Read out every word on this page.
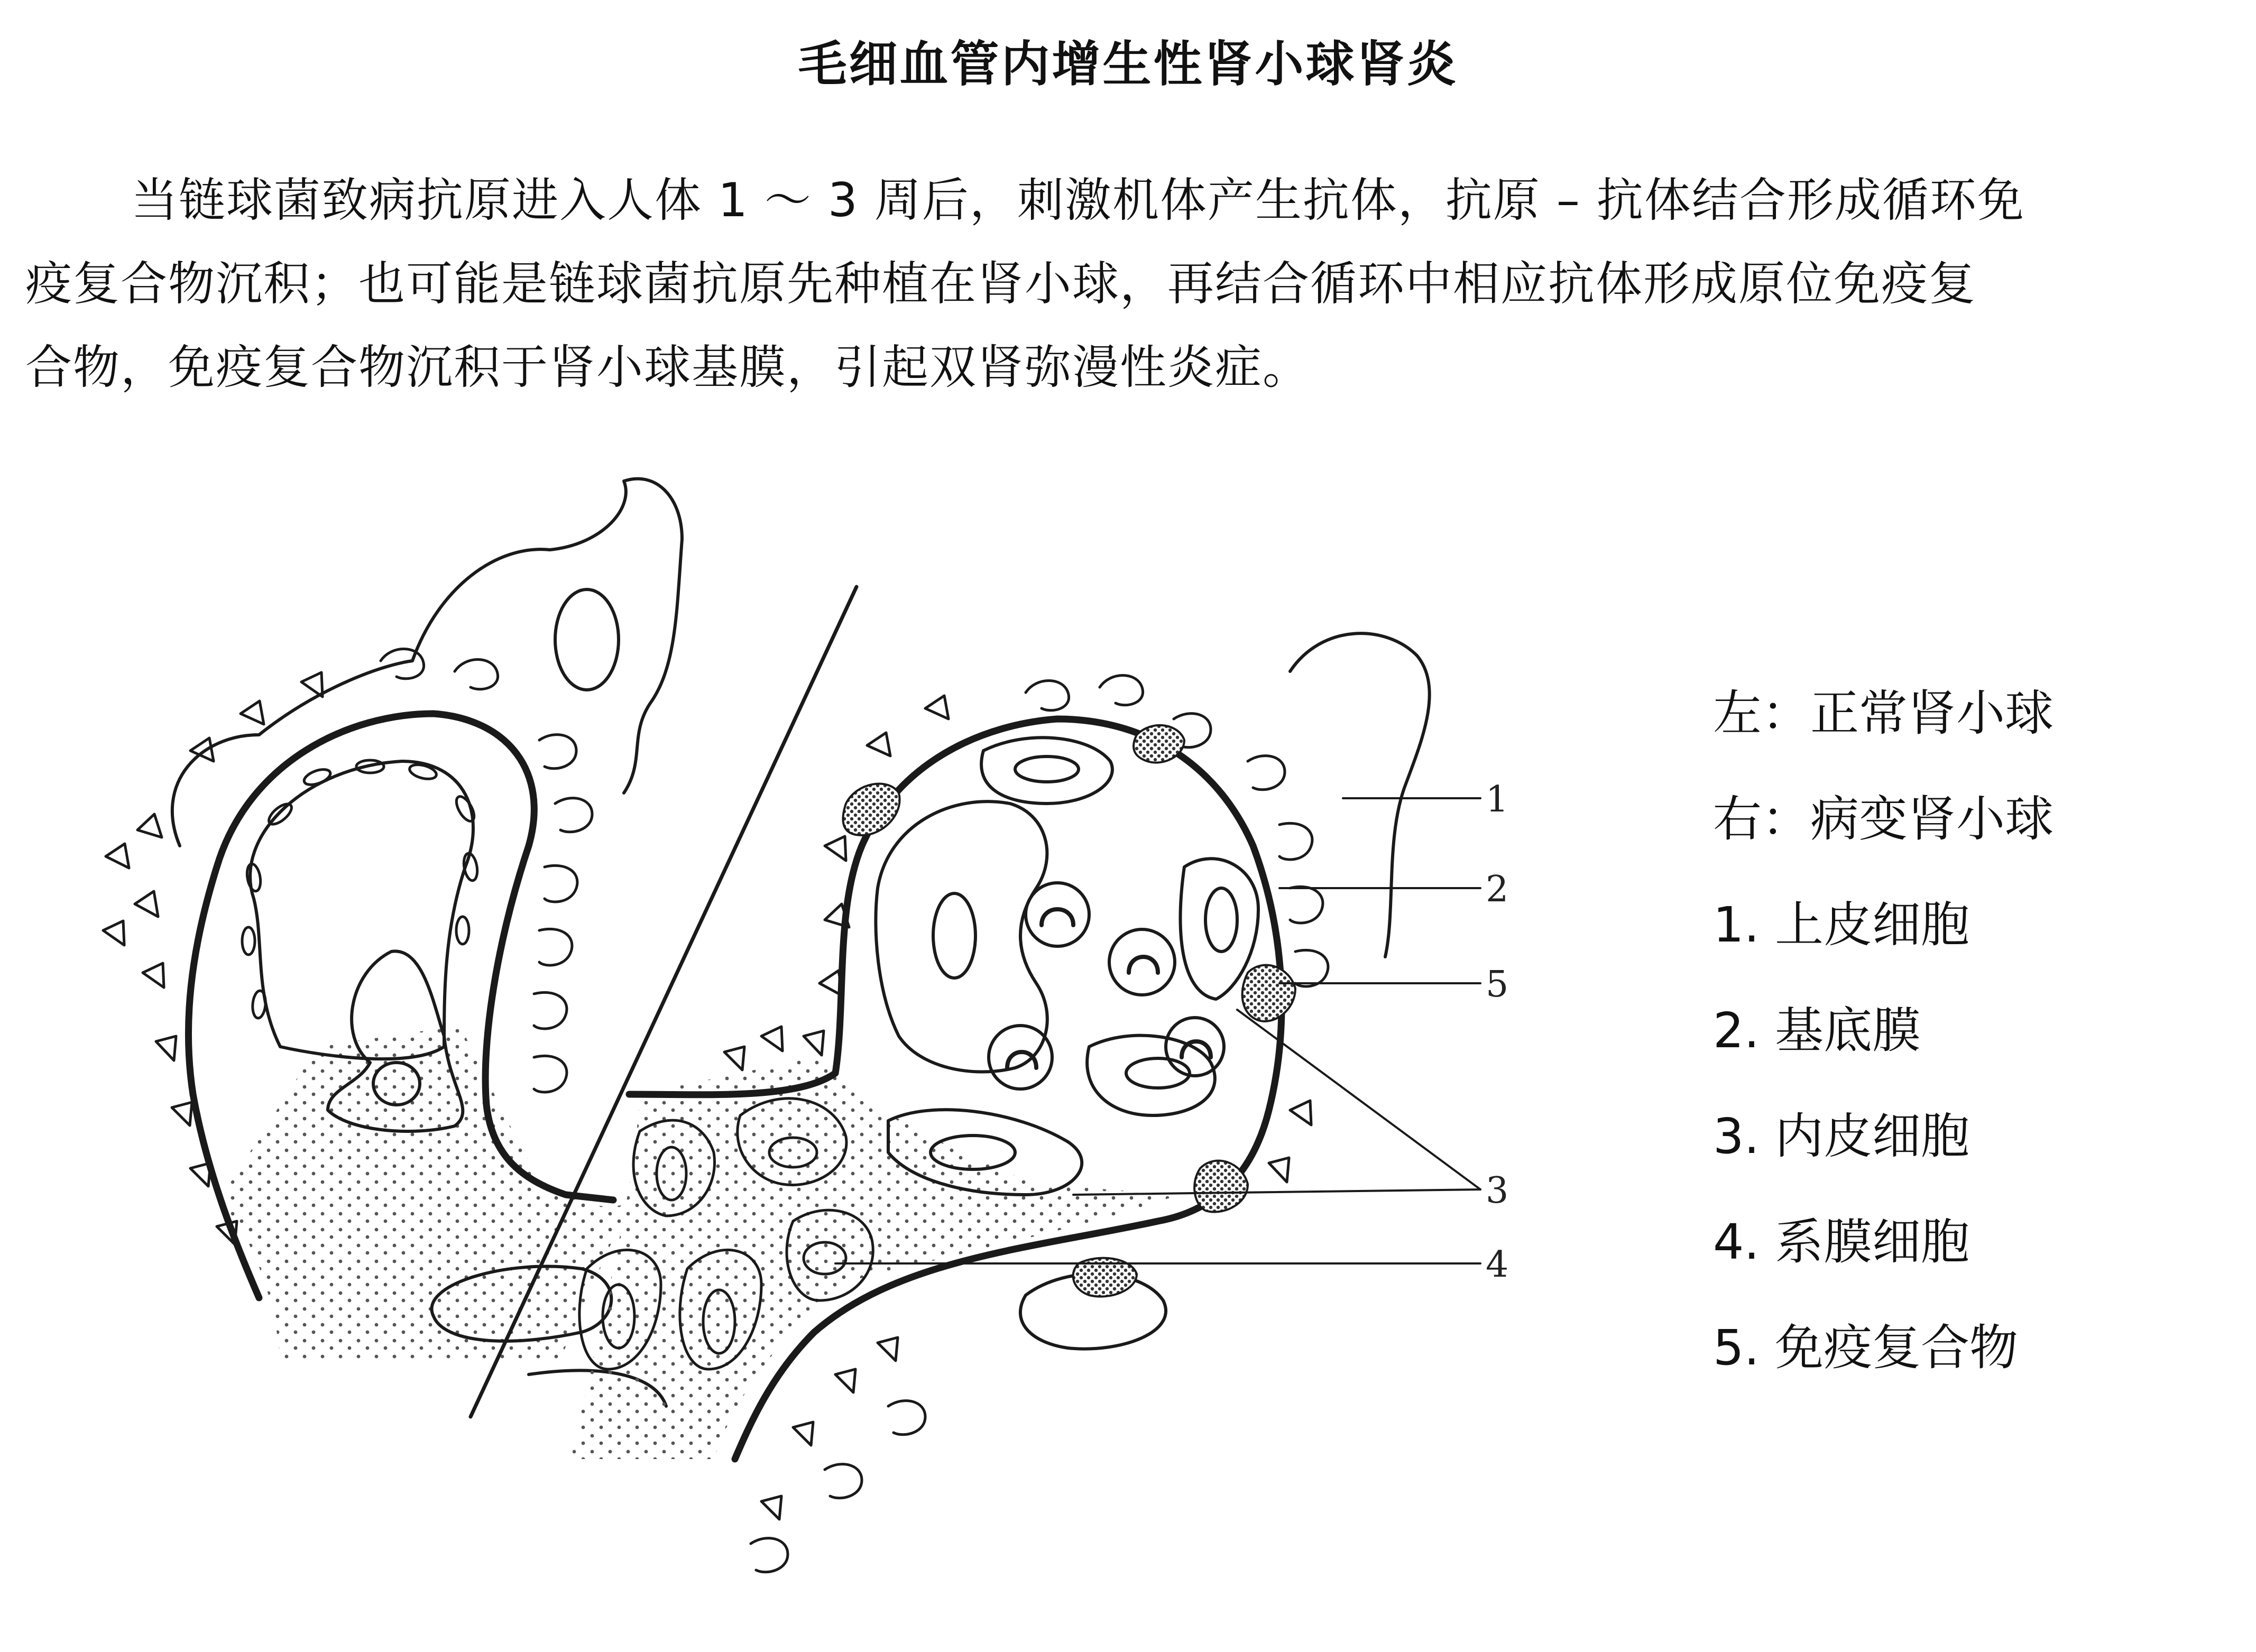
毛细血管内增生性肾小球肾炎

当链球菌致病抗原进入人体 1 ～ 3 周后，刺激机体产生抗体，抗原 – 抗体结合形成循环免
疫复合物沉积；也可能是链球菌抗原先种植在肾小球，再结合循环中相应抗体形成原位免疫复
合物，免疫复合物沉积于肾小球基膜，引起双肾弥漫性炎症。

1
2
5
3
4
左：正常肾小球
右：病变肾小球
1. 上皮细胞
2. 基底膜
3. 内皮细胞
4. 系膜细胞
5. 免疫复合物
